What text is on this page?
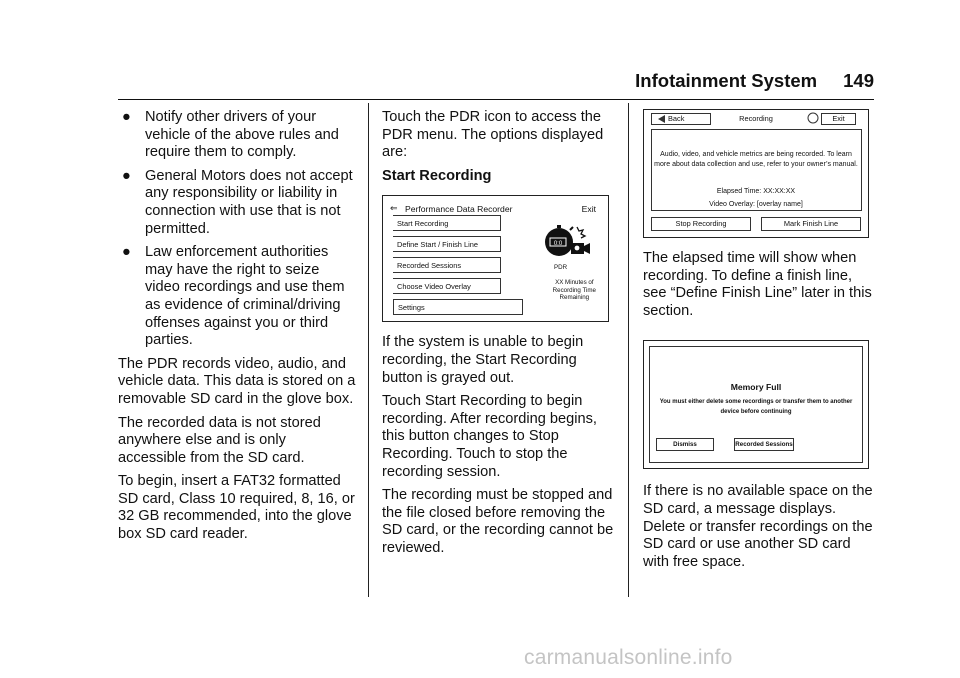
Infotainment System 149
● Notify other drivers of your vehicle of the above rules and require them to comply.
● General Motors does not accept any responsibility or liability in connection with use that is not permitted.
● Law enforcement authorities may have the right to seize video recordings and use them as evidence of criminal/driving offenses against you or third parties.
The PDR records video, audio, and vehicle data. This data is stored on a removable SD card in the glove box.
The recorded data is not stored anywhere else and is only accessible from the SD card.
To begin, insert a FAT32 formatted SD card, Class 10 required, 8, 16, or 32 GB recommended, into the glove box SD card reader.
Touch the PDR icon to access the PDR menu. The options displayed are:
Start Recording
⇐ Performance Data Recorder	Exit
Start Recording
Define Start / Finish Line
Recorded Sessions
Choose Video Overlay
Settings
0:0
PDR
XX Minutes of
Recording Time
Remaining
If the system is unable to begin recording, the Start Recording button is grayed out.
Touch Start Recording to begin recording. After recording begins, this button changes to Stop Recording. Touch to stop the recording session.
The recording must be stopped and the file closed before removing the SD card, or the recording cannot be reviewed.
Back	Recording	Exit
Audio, video, and vehicle metrics are being recorded. To learn
more about data collection and use, refer to your owner’s manual.
Elapsed Time: XX:XX:XX
Video Overlay: [overlay name]
Stop Recording	Mark Finish Line
The elapsed time will show when recording. To define a finish line, see “Define Finish Line” later in this section.
Memory Full
You must either delete some recordings or transfer them to another
device before continuing
Dismiss	Recorded Sessions
If there is no available space on the SD card, a message displays. Delete or transfer recordings on the SD card or use another SD card with free space.
carmanualsonline.info
